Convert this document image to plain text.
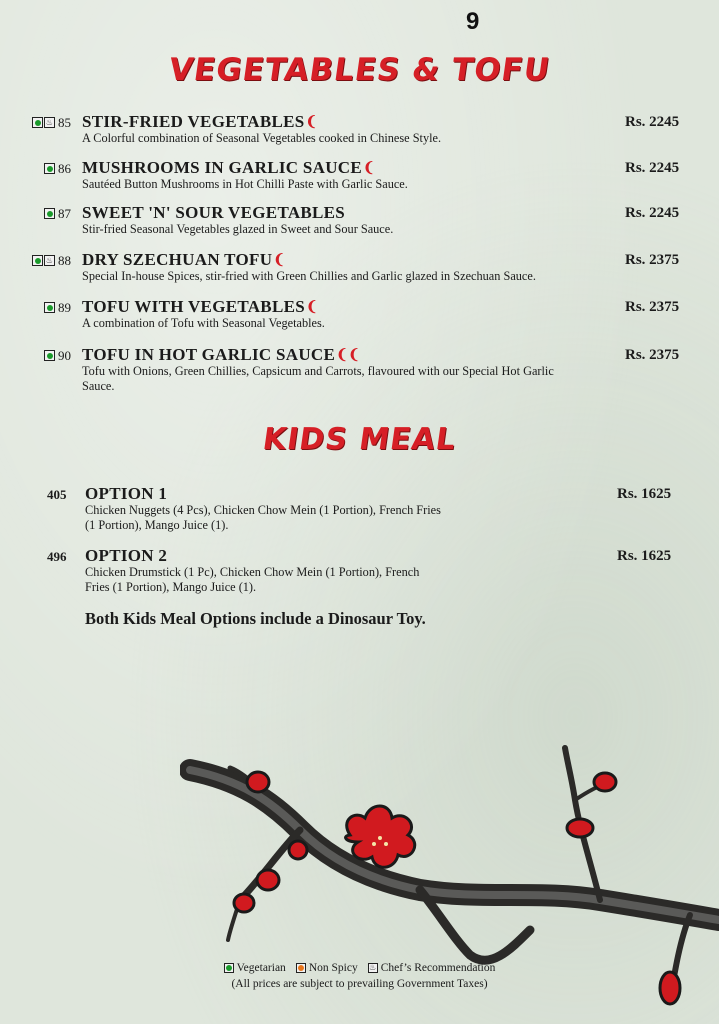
9
VEGETABLES & TOFU
♨ 85 STIR-FRIED VEGETABLES❨
A Colorful combination of Seasonal Vegetables cooked in Chinese Style.
Rs. 2245
86 MUSHROOMS IN GARLIC SAUCE❨
Sautéed Button Mushrooms in Hot Chilli Paste with Garlic Sauce.
Rs. 2245
87 SWEET 'N' SOUR VEGETABLES
Stir-fried Seasonal Vegetables glazed in Sweet and Sour Sauce.
Rs. 2245
♨ 88 DRY SZECHUAN TOFU❨
Special In-house Spices, stir-fried with Green Chillies and Garlic glazed in Szechuan Sauce.
Rs. 2375
89 TOFU WITH VEGETABLES❨
A combination of Tofu with Seasonal Vegetables.
Rs. 2375
90 TOFU IN HOT GARLIC SAUCE❨❨
Tofu with Onions, Green Chillies, Capsicum and Carrots, flavoured with our Special Hot Garlic Sauce.
Rs. 2375
KIDS MEAL
405 OPTION 1
Chicken Nuggets (4 Pcs), Chicken Chow Mein (1 Portion), French Fries (1 Portion), Mango Juice (1).
Rs. 1625
496 OPTION 2
Chicken Drumstick (1 Pc), Chicken Chow Mein (1 Portion), French Fries (1 Portion), Mango Juice (1).
Rs. 1625
Both Kids Meal Options include a Dinosaur Toy.
Vegetarian Non Spicy ♨ Chef’s Recommendation
(All prices are subject to prevailing Government Taxes)
